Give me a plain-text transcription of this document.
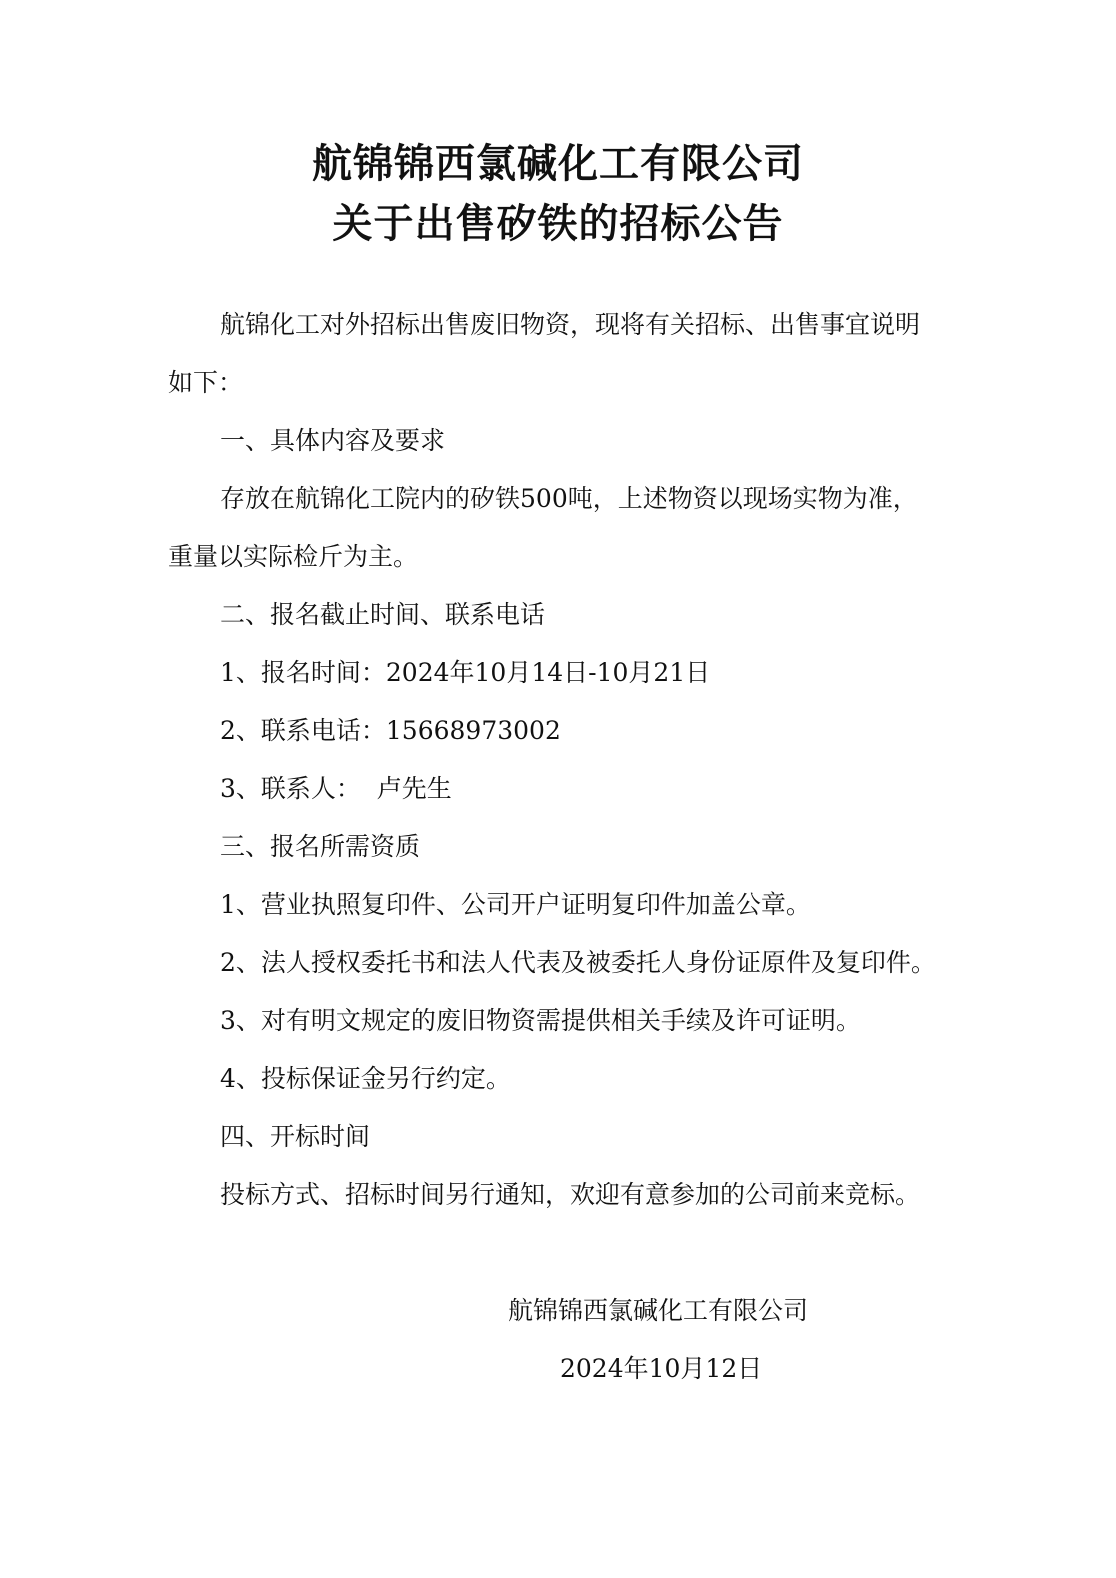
航锦锦西氯碱化工有限公司
关于出售矽铁的招标公告
航锦化工对外招标出售废旧物资，现将有关招标、出售事宜说明
如下：
一、具体内容及要求
存放在航锦化工院内的矽铁500吨，上述物资以现场实物为准，
重量以实际检斤为主。
二、报名截止时间、联系电话
1、报名时间：2024年10月14日-10月21日
2、联系电话：15668973002
3、联系人：  卢先生
三、报名所需资质
1、营业执照复印件、公司开户证明复印件加盖公章。
2、法人授权委托书和法人代表及被委托人身份证原件及复印件。
3、对有明文规定的废旧物资需提供相关手续及许可证明。
4、投标保证金另行约定。
四、开标时间
投标方式、招标时间另行通知，欢迎有意参加的公司前来竞标。
航锦锦西氯碱化工有限公司
2024年10月12日
